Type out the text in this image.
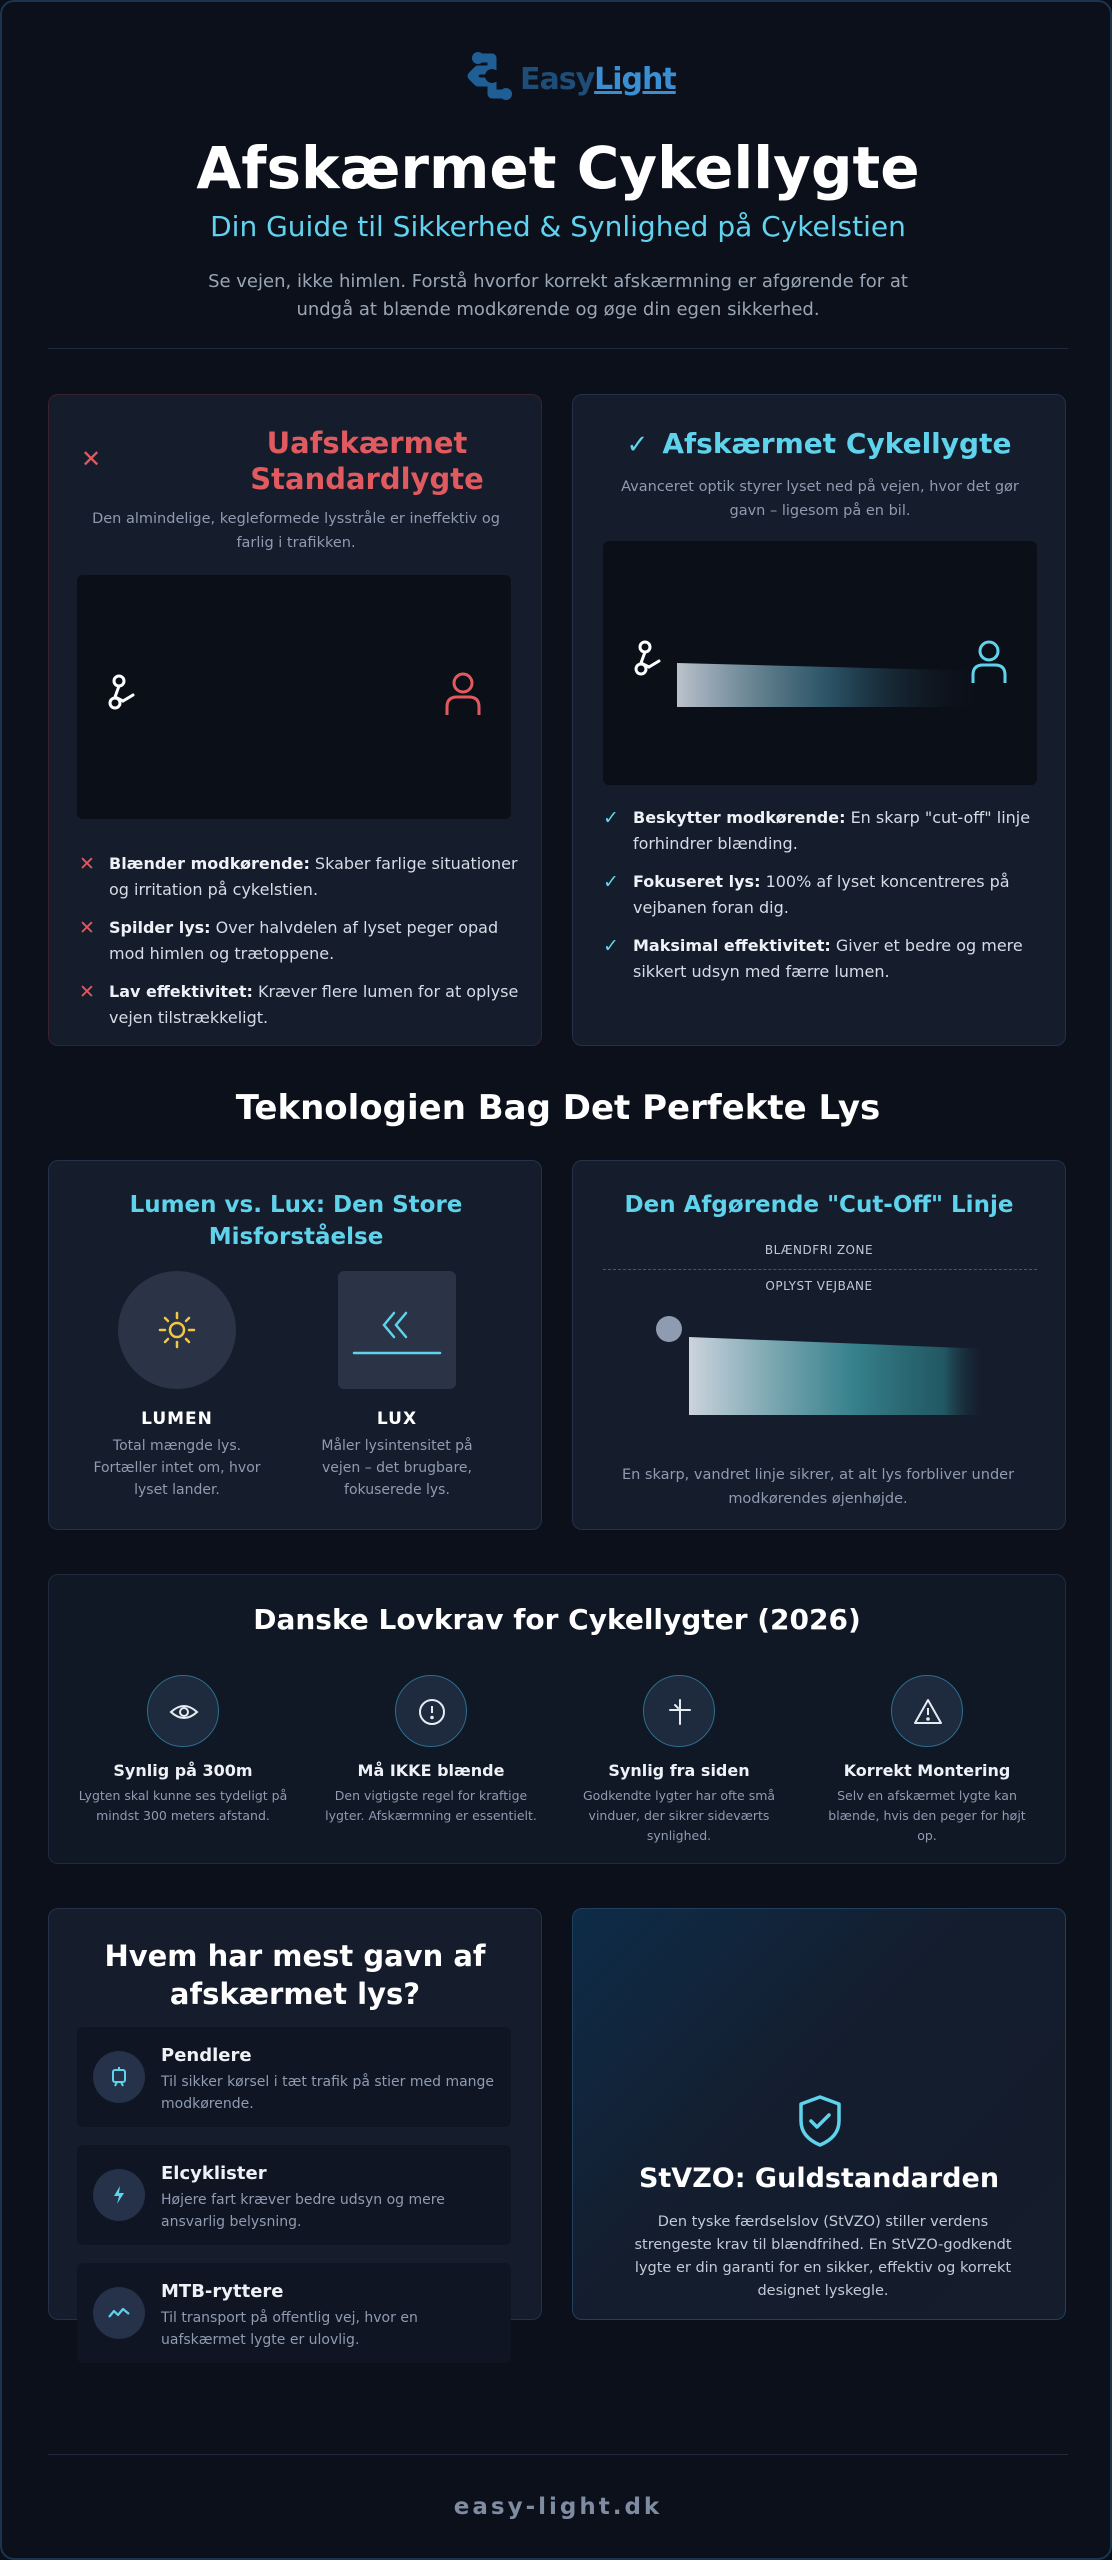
EasyLight
Afskærmet Cykellygte
Din Guide til Sikkerhed & Synlighed på Cykelstien
Se vejen, ikke himlen. Forstå hvorfor korrekt afskærmning er afgørende for at undgå at blænde modkørende og øge din egen sikkerhed.
✕	Uafskærmet Standardlygte
Den almindelige, kegleformede lysstråle er ineffektiv og farlig i trafikken.
✕ Blænder modkørende: Skaber farlige situationer og irritation på cykelstien.
✕ Spilder lys: Over halvdelen af lyset peger opad mod himlen og trætoppene.
✕ Lav effektivitet: Kræver flere lumen for at oplyse vejen tilstrækkeligt.
✓ Afskærmet Cykellygte
Avanceret optik styrer lyset ned på vejen, hvor det gør gavn – ligesom på en bil.
✓ Beskytter modkørende: En skarp "cut-off" linje forhindrer blænding.
✓ Fokuseret lys: 100% af lyset koncentreres på vejbanen foran dig.
✓ Maksimal effektivitet: Giver et bedre og mere sikkert udsyn med færre lumen.
Teknologien Bag Det Perfekte Lys
Lumen vs. Lux: Den Store Misforståelse
LUMEN
Total mængde lys. Fortæller intet om, hvor lyset lander.
LUX
Måler lysintensitet på vejen – det brugbare, fokuserede lys.
Den Afgørende "Cut-Off" Linje
BLÆNDFRI ZONE
OPLYST VEJBANE
En skarp, vandret linje sikrer, at alt lys forbliver under modkørendes øjenhøjde.
Danske Lovkrav for Cykellygter (2026)
Synlig på 300m
Lygten skal kunne ses tydeligt på mindst 300 meters afstand.
Må IKKE blænde
Den vigtigste regel for kraftige lygter. Afskærmning er essentielt.
Synlig fra siden
Godkendte lygter har ofte små vinduer, der sikrer sideværts synlighed.
Korrekt Montering
Selv en afskærmet lygte kan blænde, hvis den peger for højt op.
Hvem har mest gavn af afskærmet lys?
Pendlere
Til sikker kørsel i tæt trafik på stier med mange modkørende.
Elcyklister
Højere fart kræver bedre udsyn og mere ansvarlig belysning.
MTB-ryttere
Til transport på offentlig vej, hvor en uafskærmet lygte er ulovlig.
StVZO: Guldstandarden
Den tyske færdselslov (StVZO) stiller verdens strengeste krav til blændfrihed. En StVZO-godkendt lygte er din garanti for en sikker, effektiv og korrekt designet lyskegle.
easy-light.dk
